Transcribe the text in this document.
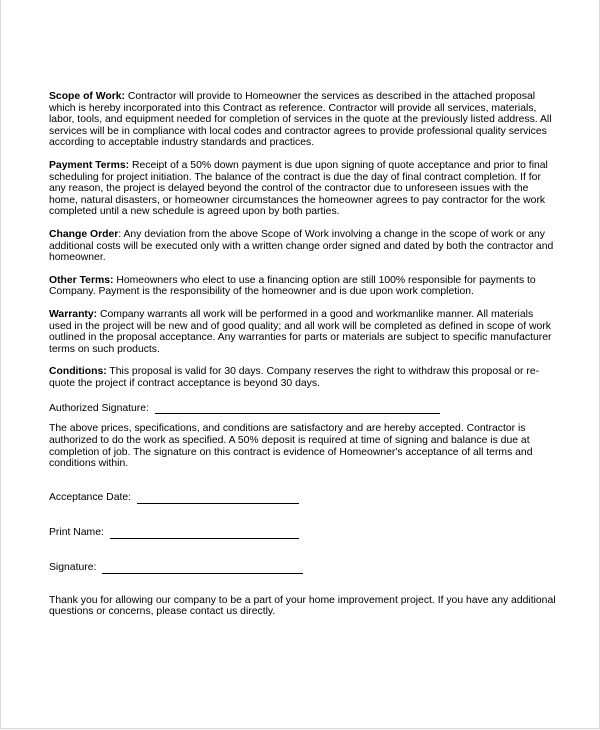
Scope of Work: Contractor will provide to Homeowner the services as described in the attached proposal which is hereby incorporated into this Contract as reference. Contractor will provide all services, materials, labor, tools, and equipment needed for completion of services in the quote at the previously listed address. All services will be in compliance with local codes and contractor agrees to provide professional quality services according to acceptable industry standards and practices.

Payment Terms: Receipt of a 50% down payment is due upon signing of quote acceptance and prior to final scheduling for project initiation. The balance of the contract is due the day of final contract completion. If for any reason, the project is delayed beyond the control of the contractor due to unforeseen issues with the home, natural disasters, or homeowner circumstances the homeowner agrees to pay contractor for the work completed until a new schedule is agreed upon by both parties.

Change Order: Any deviation from the above Scope of Work involving a change in the scope of work or any additional costs will be executed only with a written change order signed and dated by both the contractor and homeowner.

Other Terms: Homeowners who elect to use a financing option are still 100% responsible for payments to Company. Payment is the responsibility of the homeowner and is due upon work completion.

Warranty: Company warrants all work will be performed in a good and workmanlike manner. All materials used in the project will be new and of good quality; and all work will be completed as defined in scope of work outlined in the proposal acceptance. Any warranties for parts or materials are subject to specific manufacturer terms on such products.

Conditions: This proposal is valid for 30 days. Company reserves the right to withdraw this proposal or re-quote the project if contract acceptance is beyond 30 days.

Authorized Signature:

The above prices, specifications, and conditions are satisfactory and are hereby accepted. Contractor is authorized to do the work as specified. A 50% deposit is required at time of signing and balance is due at completion of job. The signature on this contract is evidence of Homeowner's acceptance of all terms and conditions within.

Acceptance Date:
Print Name:
Signature:

Thank you for allowing our company to be a part of your home improvement project. If you have any additional questions or concerns, please contact us directly.
